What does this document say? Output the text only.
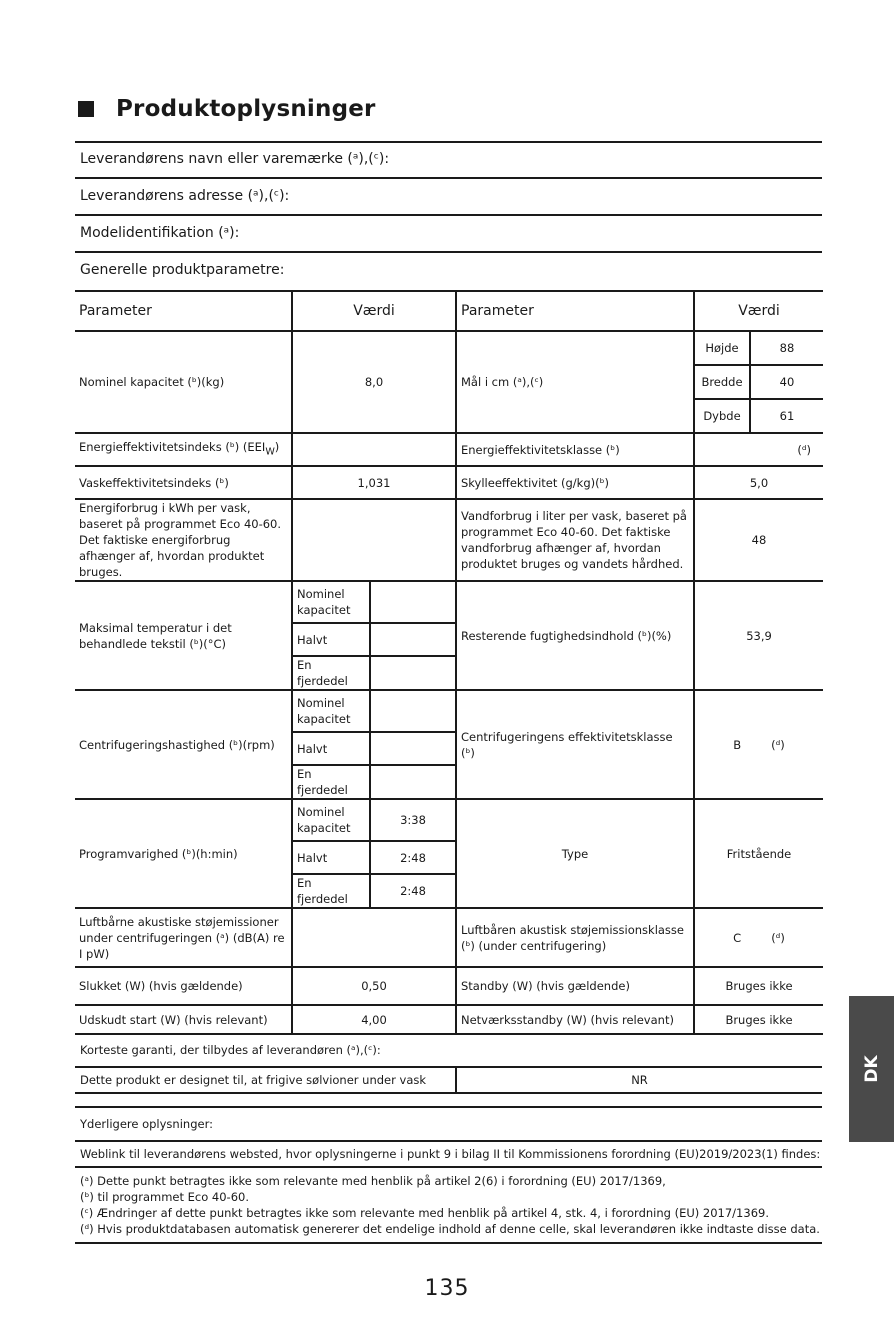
Produktoplysninger
Leverandørens navn eller varemærke (ᵃ),(ᶜ):
Leverandørens adresse (ᵃ),(ᶜ):
Modelidentifikation (ᵃ):
Generelle produktparametre:
Parameter	Værdi		Parameter	Værdi	
Nominel kapacitet (ᵇ)(kg)	8,0		Mål i cm (ᵃ),(ᶜ)	Højde	88
				Bredde	40
				Dybde	61
Energieffektivitetsindeks (ᵇ) $(EEI_W)$			Energieffektivitetsklasse (ᵇ)	(ᵈ)	
Vaskeffektivitetsindeks (ᵇ)	1,031		Skylleeffektivitet (g/kg)(ᵇ)	5,0	
Energiforbrug i kWh per vask, baseret på programmet Eco 40-60. Det faktiske energiforbrug afhænger af, hvordan produktet bruges.			Vandforbrug i liter per vask, baseret på programmet Eco 40-60. Det faktiske vandforbrug afhænger af, hvordan produktet bruges og vandets hårdhed.	48	
Maksimal temperatur i det behandlede tekstil (ᵇ)(°C)	Nominel kapacitet		Resterende fugtighedsindhold (ᵇ)(%)	53,9	
	Halvt				
	En fjerdedel				
Centrifugeringshastighed (ᵇ)(rpm)	Nominel kapacitet		Centrifugeringens effektivitetsklasse (ᵇ)	B (ᵈ)	
	Halvt				
	En fjerdedel				
Programvarighed (ᵇ)(h:min)	Nominel kapacitet	3:38	Type	Fritstående	
	Halvt	2:48			
	En fjerdedel	2:48			
Luftbårne akustiske støjemissioner under centrifugeringen (ᵃ) (dB(A) re I pW)			Luftbåren akustisk støjemissionsklasse (ᵇ) (under centrifugering)	C (ᵈ)	
Slukket (W) (hvis gældende)	0,50		Standby (W) (hvis gældende)	Bruges ikke	
Udskudt start (W) (hvis relevant)	4,00		Netværksstandby (W) (hvis relevant)	Bruges ikke	
Korteste garanti, der tilbydes af leverandøren (ᵃ),(ᶜ):
Dette produkt er designet til, at frigive sølvioner under vask	NR
Yderligere oplysninger:
Weblink til leverandørens websted, hvor oplysningerne i punkt 9 i bilag II til Kommissionens forordning (EU)2019/2023(1) findes:
(ᵃ) Dette punkt betragtes ikke som relevante med henblik på artikel 2(6) i forordning (EU) 2017/1369,
(ᵇ) til programmet Eco 40-60.
(ᶜ) Ændringer af dette punkt betragtes ikke som relevante med henblik på artikel 4, stk. 4, i forordning (EU) 2017/1369.
(ᵈ) Hvis produktdatabasen automatisk genererer det endelige indhold af denne celle, skal leverandøren ikke indtaste disse data.
135
DK
